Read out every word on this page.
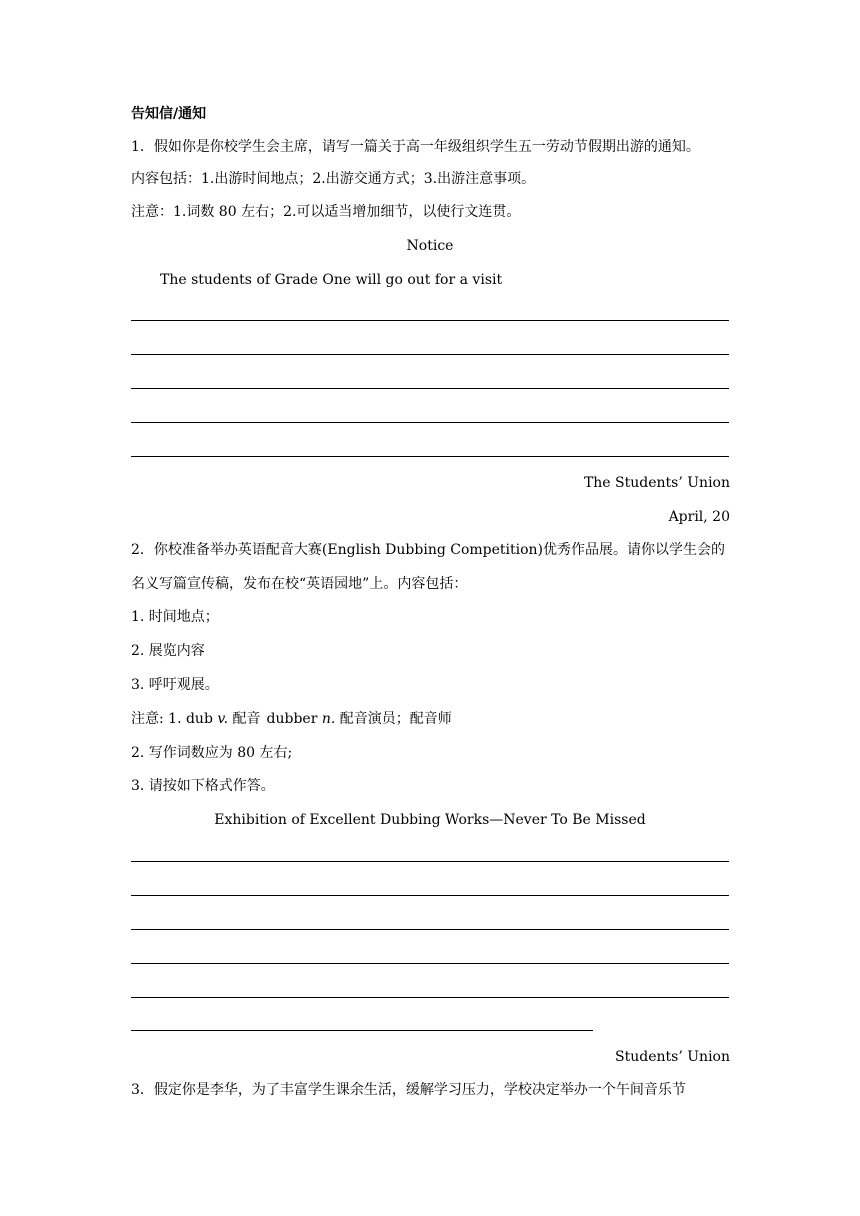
告知信/通知
1．假如你是你校学生会主席，请写一篇关于高一年级组织学生五一劳动节假期出游的通知。
内容包括：1.出游时间地点；2.出游交通方式；3.出游注意事项。
注意：1.词数 80 左右；2.可以适当增加细节，以使行文连贯。
Notice
The students of Grade One will go out for a visit
The Students’ Union
April, 20
2．你校准备举办英语配音大赛(English Dubbing Competition)优秀作品展。请你以学生会的
名义写篇宣传稿，发布在校“英语园地”上。内容包括：
1. 时间地点；
2. 展览内容
3. 呼吁观展。
注意: 1. dub v. 配音 dubber n. 配音演员；配音师
2. 写作词数应为 80 左右;
3. 请按如下格式作答。
Exhibition of Excellent Dubbing Works—Never To Be Missed
Students’ Union
3．假定你是李华，为了丰富学生课余生活，缓解学习压力，学校决定举办一个午间音乐节
